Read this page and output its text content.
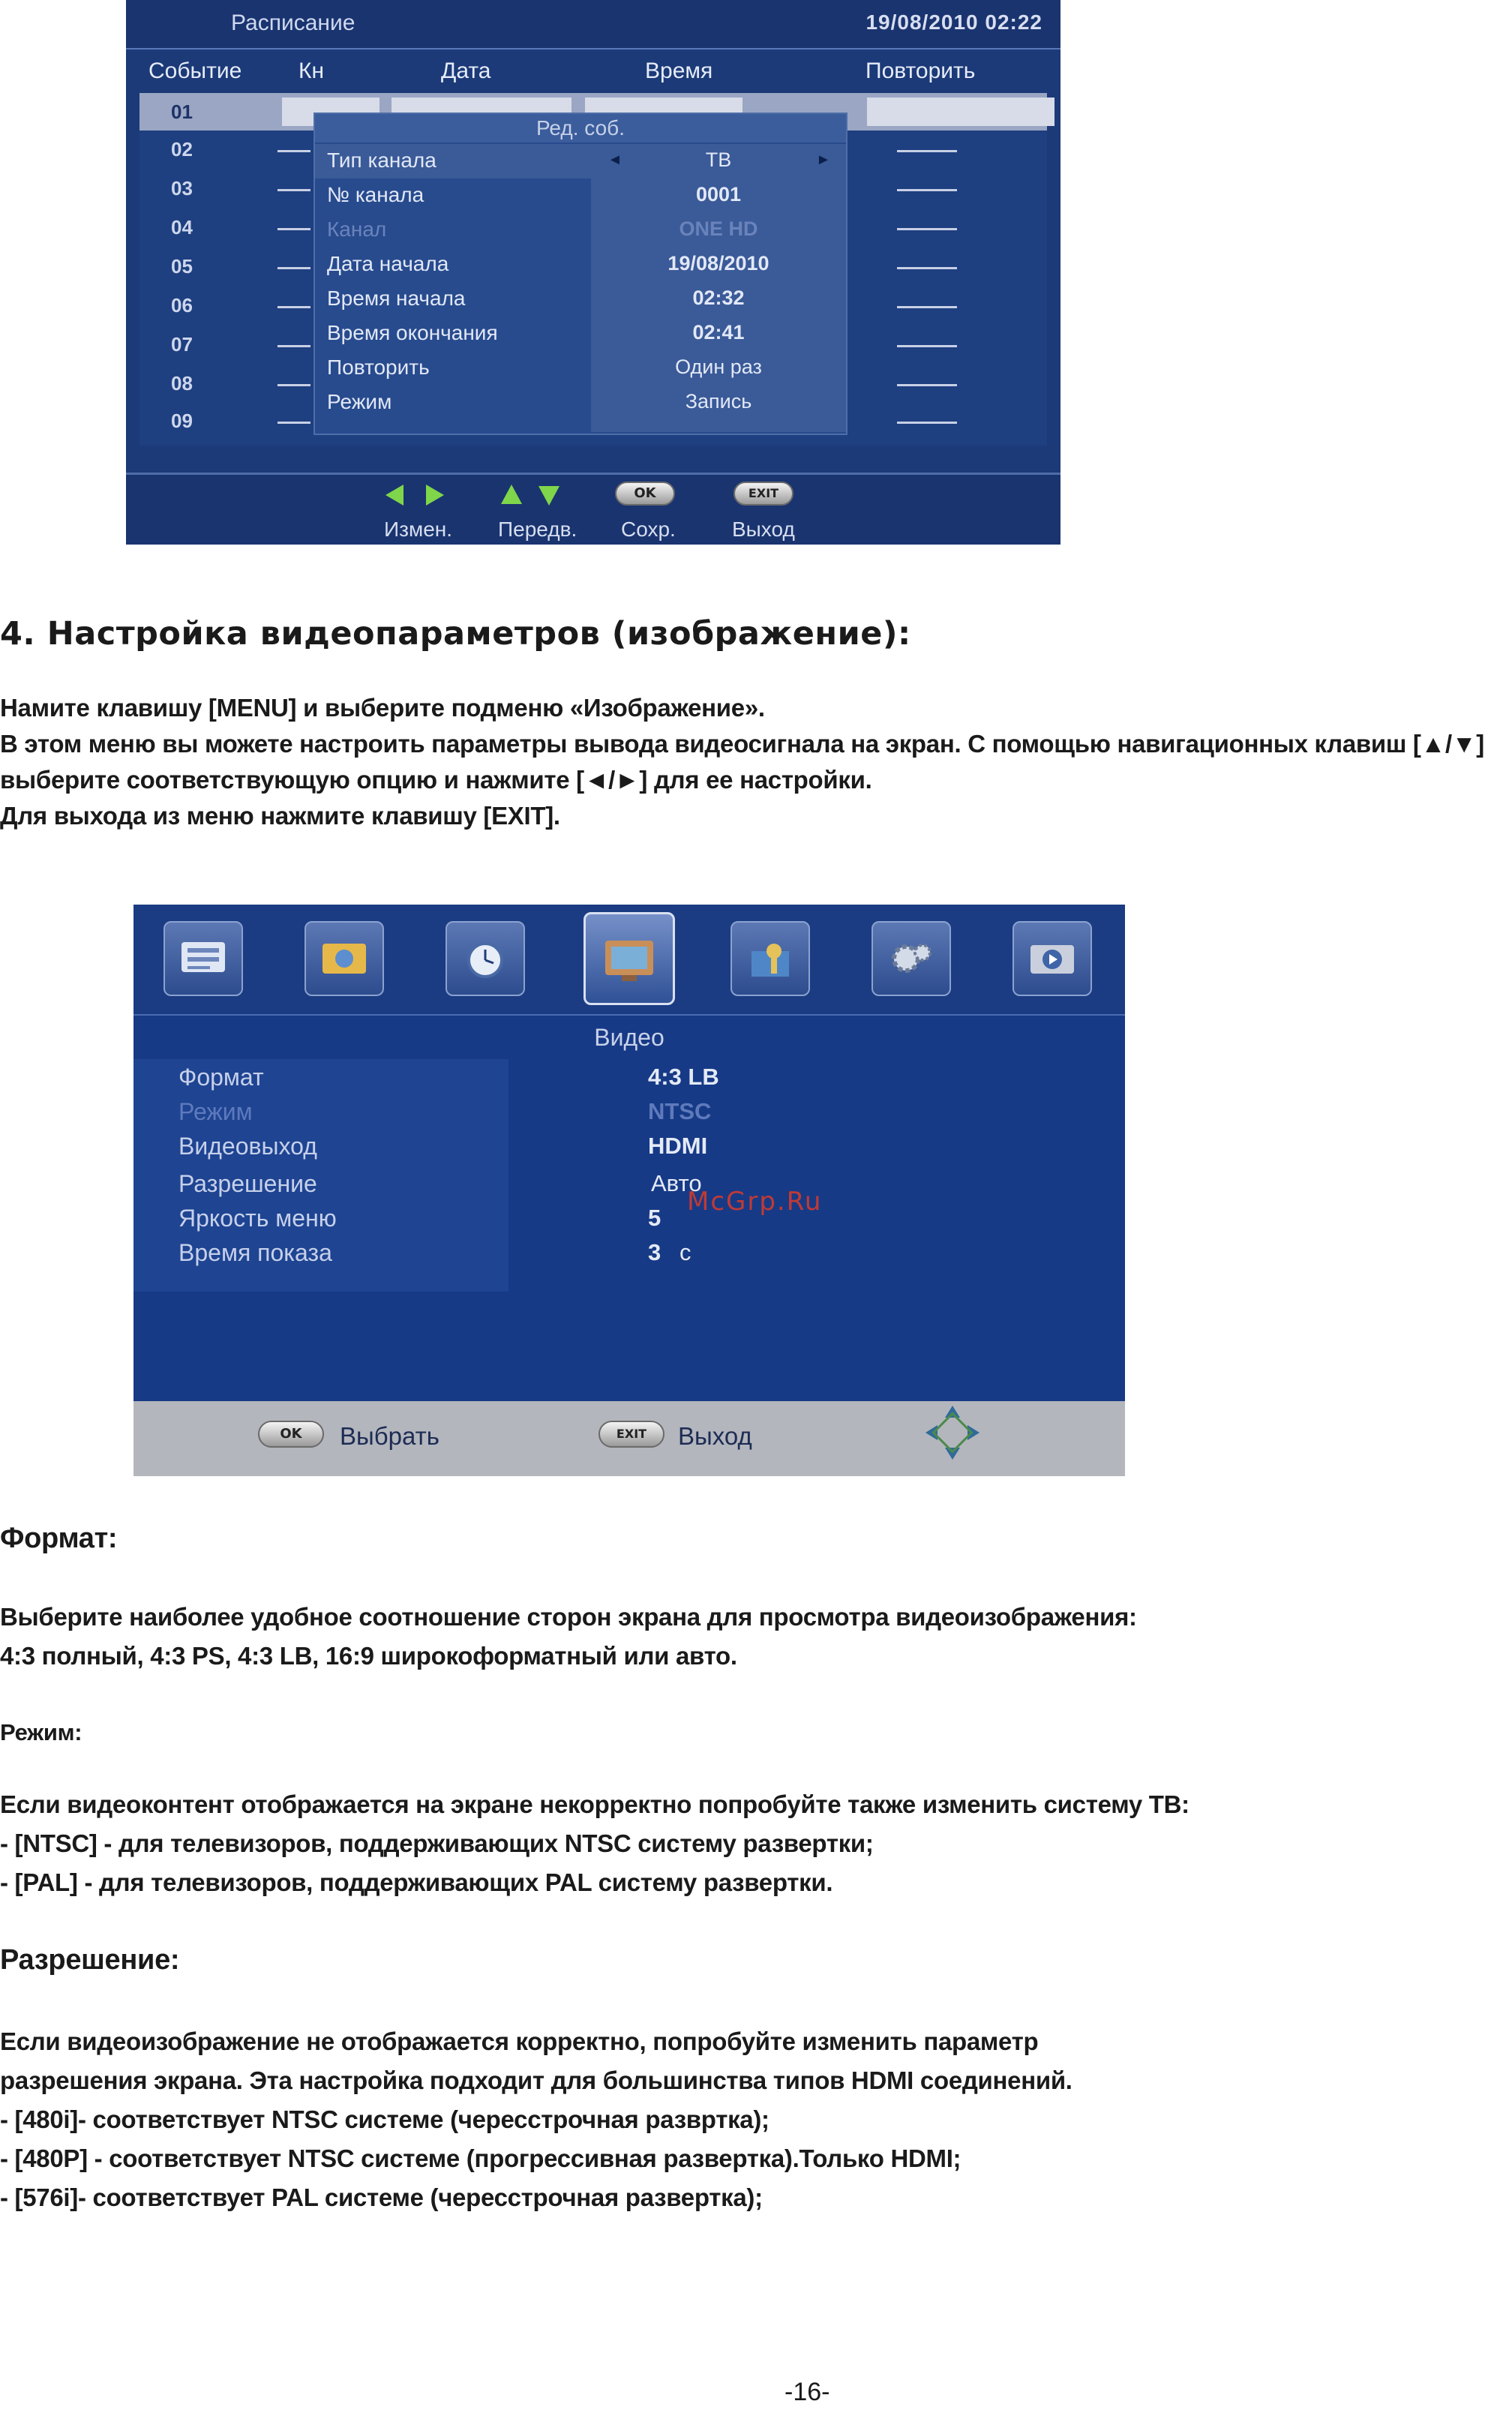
Расписание	19/08/2010 02:22
Событие	Кн	Дата	Время	Повторить
01
02
03
04
05
06
07
08
09
Ред. соб.
Тип канала	◄	ТВ	►
№ канала	0001
Канал	ONE HD
Дата начала	19/08/2010
Время начала	02:32
Время окончания	02:41
Повторить	Один раз
Режим	Запись
OK	EXIT
Измен. Передв. Сохр.	Выход
4. Настройка видеопараметров (изображение):
Намите клавишу [MENU] и выберите подменю «Изображение».
В этом меню вы можете настроить параметры вывода видеосигнала на экран. С помощью навигационных клавиш [▲/▼]
выберите соответствующую опцию и нажмите [◄/►] для ее настройки.
Для выхода из меню нажмите клавишу [EXIT].
Видео
Формат	4:3 LB
Режим	NTSC
Видеовыход	HDMI
Разрешение	Авто
Яркость меню	5
Время показа	3 с
OK	Выбрать	EXIT	Выход
McGrp.Ru
Формат:
Выберите наиболее удобное соотношение сторон экрана для просмотра видеоизображения:
4:3 полный, 4:3 PS, 4:3 LB, 16:9 широкоформатный или авто.
Режим:
Если видеоконтент отображается на экране некорректно попробуйте также изменить систему ТВ:
- [NTSC] - для телевизоров, поддерживающих NTSC систему развертки;
- [PAL] - для телевизоров, поддерживающих PAL систему развертки.
Разрешение:
Если видеоизображение не отображается корректно, попробуйте изменить параметр
разрешения экрана. Эта настройка подходит для большинства типов HDMI соединений.
- [480i]- соответствует NTSC системе (чересстрочная развртка);
- [480P] - соответствует NTSC системе (прогрессивная развертка).Только HDMI;
- [576i]- соответствует PAL системе (чересстрочная развертка);
-16-
